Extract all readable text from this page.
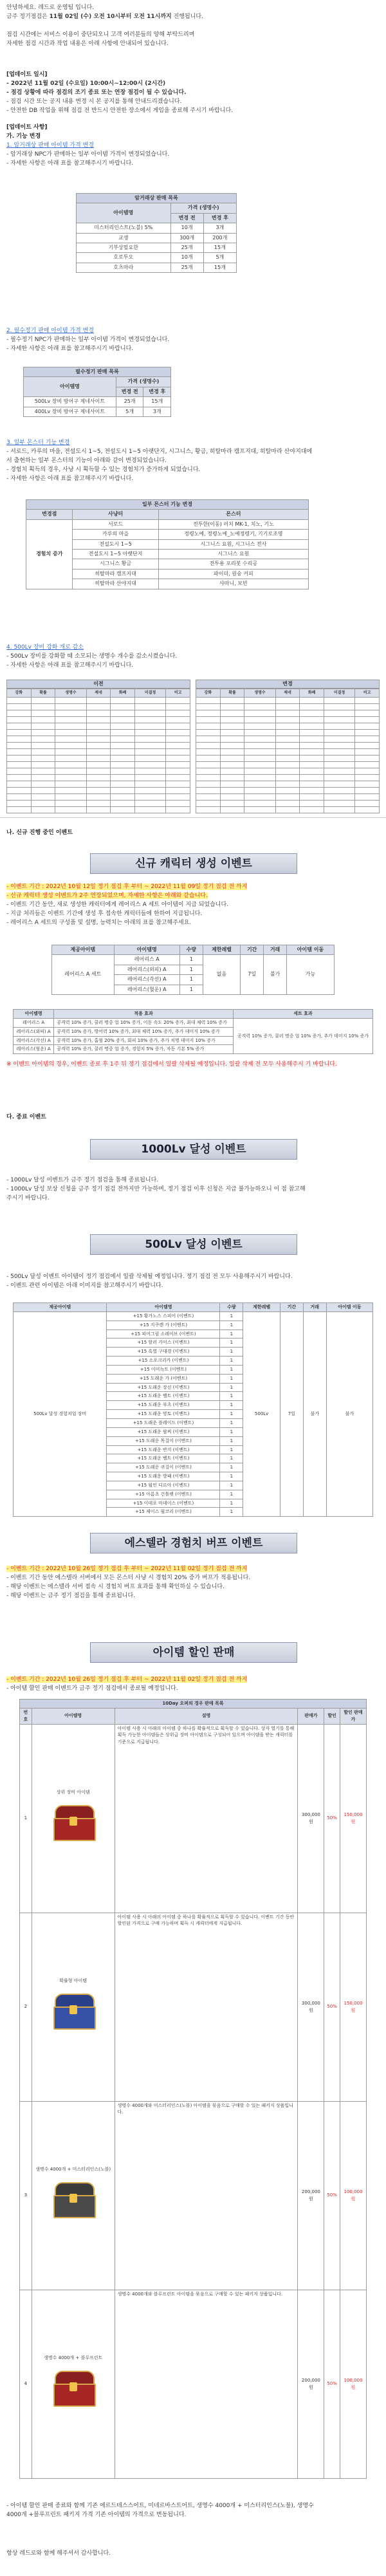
안녕하세요. 레드로 운영팀 입니다.

금주 정기점검은 11월 02일 (수) 오전 10시부터 오전 11시까지 진행됩니다.

점검 시간에는 서비스 이용이 중단되오니 고객 여러분들의 양해 부탁드리며

자세한 점검 시간과 작업 내용은 아래 사항에 안내되어 있습니다.

[업데이트 일시]

- 2022년 11월 02일 (수요일) 10:00시~12:00시 (2시간)

- 점검 상황에 따라 점검의 조기 종료 또는 연장 점검이 될 수 있습니다.

- 점검 시간 또는 공지 내용 변경 시 본 공지를 통해 안내드리겠습니다.

- 안전한 DB 작업을 위해 점검 전 반드시 안전한 장소에서 게임을 종료해 주시기 바랍니다.

[업데이트 사항]

가. 기능 변경

1. 암거래상 판매 아이템 가격 변경

- 암거래상 NPC가 판매하는 일부 아이템 가격이 변경되었습니다.

- 자세한 사항은 아래 표를 참고해주시기 바랍니다.

암거래상 판매 목록		
아이템명	가격 (생명수)	
	변경 전	변경 후
미스터리인스트(노블) 5%	10개	3개
교생	300개	200개
기부상필요한	25개	15개
호로투오	10개	5개
호츠마라	25개	15개

2. 필수정기 판매 아이템 가격 변경

- 필수정기 NPC가 판매하는 일부 아이템 가격이 변경되었습니다.

- 자세한 사항은 아래 표를 참고해주시기 바랍니다.

필수정기 판매 목록		
아이템명	가격 (생명수)	
	변경 전	변경 후
500Lv 장비 방어구 제네사이트	25개	15개
400Lv 장비 방어구 제네사이트	5개	3개

3. 일부 몬스터 기능 변경

- 서로드, 카루의 마을, 전설도시 1~5, 전설도시 1~5 아랫단지, 시그니스, 황금, 히탈마라 캠프지대, 히탈마라 산야지대에

서 출현하는 일부 몬스터의 기능이 아래와 같이 변경되었습니다.

- 경험치 획득의 경우, 사냥 시 획득할 수 있는 경험치가 증가하게 되었습니다.

- 자세한 사항은 아래 표를 참고해주시기 바랍니다.

일부 몬스터 기능 변경		
변경점	사냥터	몬스터
경험치 증가	서로드	전투한(이동) 러치 MK-1, 치노, 기노
	카루의 마을	정령노예, 정령노예_노예정령기, 기기로조명
	전설도시 1~5	시그니스 요원, 시그니스 전사
	전설도시 1~5 아랫단지	시그니스 요원
	시그니스 황금	전투용 포리봇 수리공
	히탈마라 캠프지대	파이더, 원숭 커피
	히탈마라 산야지대	샤마니, 보빈

4. 500Lv 장비 강화 개로 감소

- 500Lv 장비를 강화할 때 소모되는 생명수 개수를 감소시켰습니다.

- 자세한 사항은 아래 표를 참고해주시기 바랍니다.

이전
강화	확률	생명수	제네	화폐	미결정	비고

변경
강화	확률	생명수	제네	화폐	미결정	비고

나. 신규 진행 중인 이벤트

신규 캐릭터 생성 이벤트

- 이벤트 기간 : 2022년 10월 12일 정기 점검 후 부터 ~ 2022년 11월 09일 정기 점검 전 까지

- 신규 캐릭터 생성 이벤트가 2주 연장되었으며, 자세한 사항은 아래와 같습니다.

- 이벤트 기간 동안, 새로 생성한 캐릭터에게 레어리스 A 세트 아이템이 지급 되었습니다.

- 지급 처리들은 이벤트 기간에 생성 후 접속한 캐릭터들에 한하여 지급됩니다.

- 레어리스 A 세트의 구성품 및 설명, 능력치는 아래의 표를 참고해주세요.

제공아이템	아이템명	수량	제한레벨	기간	거래	아이템 이동
레어리스 A 세트	레어리스 A	1	없음	7일	불가	가능
	레어리스(외피) A	1				
	레어리스(각선) A	1				
	레어리스(혈운) A	1				
아이템명	적용 효과	세트 효과
레어리스 A	공격력 10% 증가, 쿨러 명중 업 10% 증가, 이동 속도 20% 증가, 최대 체력 10% 증가	공격력 10% 증가, 쿨러 명중 업 10% 증가, 추가 데미지 10% 증가
레어리스(외피) A	공격력 10% 증가, 방어력 10% 증가, 최대 체력 10% 증가, 추가 데미지 10% 증가	
레어리스(각선) A	공격력 10% 증가, 흡혈 20% 증가, 회피 10% 증가, 추가 치명 데미지 10% 증가	
레어리스(혈운) A	공격력 10% 증가, 쿨러 명중 업 증가, 경험치 5% 증가, 자동 기본 5% 증가	

※ 이벤트 아이템의 경우, 이벤트 종료 후 1주 뒤 정기 점검에서 일괄 삭제될 예정입니다. 일괄 삭제 전 모두 사용해주시 기 바랍니다.

다. 종료 이벤트

1000Lv 달성 이벤트

- 1000Lv 달성 이벤트가 금주 정기 점검을 통해 종료됩니다.

- 1000Lv 달성 보상 신청을 금주 정기 점검 전까지만 가능하며, 정기 점검 이후 신청은 지급 불가능하오니 이 점 참고해

주시기 바랍니다.

500Lv 달성 이벤트

- 500Lv 달성 이벤트 아이템이 정기 점검에서 일괄 삭제될 예정입니다. 정기 점검 전 모두 사용해주시기 바랍니다.

- 이벤트 관련 아이템은 아래 이미지를 참고해주시기 바랍니다.

제공아이템	아이템명	수량	제한레벨	기간	거래	아이템 이동
500Lv 달성 경험치업 장비	+15 황가노스 스피어 (이벤트)	1	500Lv	7일	불가	불가
	+15 지쿠렌 가 (이벤트)	1				
	+15 피어그림 소레이브 (이벤트)	1				
	+15 할러 가이스 (이벤트)	1				
	+15 흑열 구대경 (이벤트)	1				
	+15 소포크리카 (이벤트)	1				
	+15 이미녹트 (이벤트)	1				
	+15 도래운 가 (이벤트)	1				
	+15 도래운 장선 (이벤트)	1				
	+15 도래운 벨트 (이벤트)	1				
	+15 도래운 부츠 (이벤트)	1				
	+15 도래운 망토 (이벤트)	1				
	+15 도래운 블레이드 (이벤트)	1				
	+15 도래운 팔찌 (이벤트)	1				
	+15 도래운 목걸이 (이벤트)	1				
	+15 도래운 반지 (이벤트)	1				
	+15 도래운 벨트 (이벤트)	1				
	+15 도래운 귀걸이 (이벤트)	1				
	+15 도래운 방패 (이벤트)	1				
	+15 월인 디르아 (이벤트)	1				
	+15 아름츠 건틀렛 (이벤트)	1				
	+15 이데포 마데이스 (이벤트)	1				
	+15 제이스 월코리 (이벤트)	1				
에스텔라 경험치 버프 이벤트

- 이벤트 기간 : 2022년 10월 26일 정기 점검 후 부터 ~ 2022년 11월 02일 정기 점검 전 까지

- 이벤트 기간 동안 에스텔라 서버에서 모든 몬스터 사냥 시 경험치 20% 증가 버프가 적용됩니다.

- 해당 이벤트는 에스텔라 서버 접속 시 경험치 버프 효과를 통해 확인하실 수 있습니다.

- 해당 이벤트는 금주 정기 점검을 통해 종료됩니다.

아이템 할인 판매

- 이벤트 기간 : 2022년 10월 26일 정기 점검 후 부터 ~ 2022년 11월 02일 정기 점검 전 까지

- 아이템 할인 판매 이벤트가 금주 정기 점검에서 종료될 예정입니다.

10Day 오퍼의 경우 판매 목록					
번호	아이템명	설명	판매가	할인	할인 판매가
1	상위 장비 아이템	아이템 사용 시 아래의 아이템 중 하나를 확률적으로 획득할 수 있습니다. 상자 열기를 통해 획득 가능한 아이템들은 상위급 장비 아이템으로 구성되어 있으며 아이템을 받는 캐릭터를 기준으로 지급됩니다.	300,000원	50%	150,000원
2	확률형 아이템	아이템 사용 시 아래의 아이템 중 하나를 확률적으로 획득할 수 있습니다. 이벤트 기간 동안 할인된 가격으로 구매 가능하며 획득 시 캐릭터에게 지급됩니다.	300,000원	50%	150,000원
3	생명수 4000개 + 미스터리인스(노블)	생명수 4000개와 미스터리인스(노블) 아이템을 묶음으로 구매할 수 있는 패키지 상품입니다.	200,000원	50%	100,000원
4	생명수 4000개 + 블루프린트	생명수 4000개와 블루프린트 아이템을 묶음으로 구매할 수 있는 패키지 상품입니다.	200,000원	50%	100,000원

- 아이템 할인 판매 종료와 함께 기존 에르드테스스어트, 미네르바스트어트, 생명수 4000개 + 미스터리인스(노블), 생명수

4000개 +블루프린트 패키지 가격 기존 아이템의 가격으로 변동됩니다.

항상 레드로와 함께 해주셔서 감사합니다.
